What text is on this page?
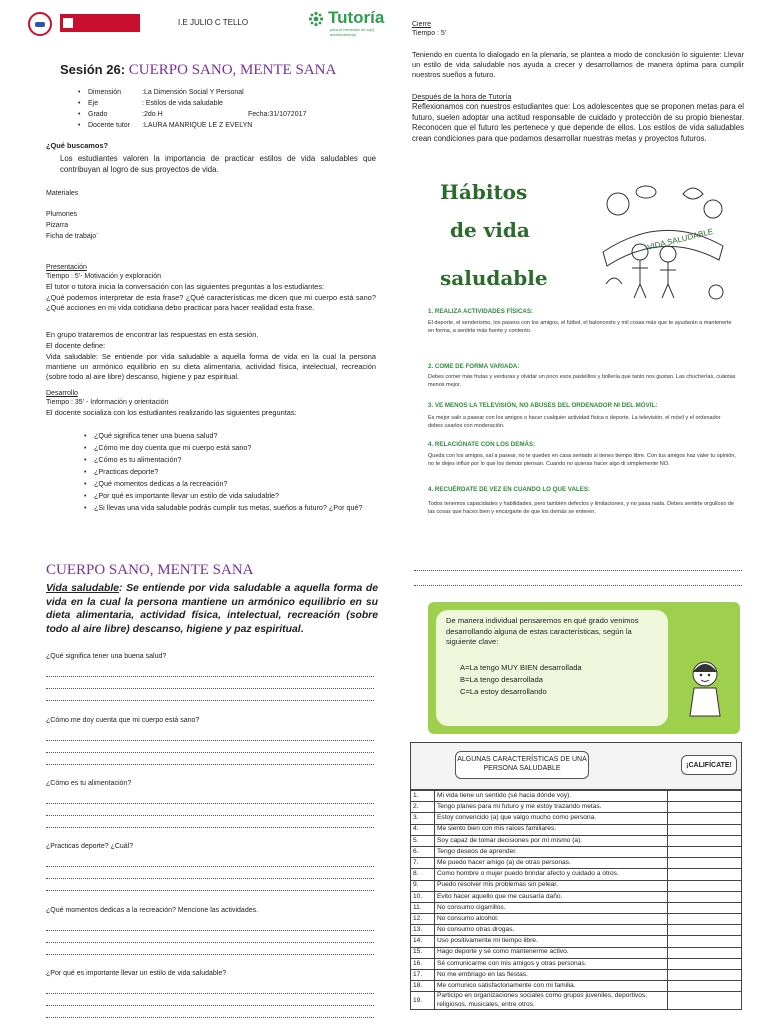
I.E JULIO C TELLO	Tutoría
para el bienestar de tu(s) adolescente(s)
Sesión 26: CUERPO SANO, MENTE SANA
• Dimensión	:La Dimensión Social Y Personal
• Eje	: Estilos de vida saludable
• Grado	:2do H	Fecha:31/1072017
• Docente tutor :LAURA MANRIQUE LE Z EVELYN
¿Qué buscamos?
Los estudiantes valoren la importancia de practicar estilos de vida saludables que contribuyan al logro de sus proyectos de vida.
Materiales
Plumones
Pizarra
Ficha de trabajo¨
Presentación
Tiempo : 5'- Motivación y exploración
El tutor o tutora inicia la conversación con las siguientes preguntas a los estudiantes:
¿Qué podemos interpretar de esta frase? ¿Qué características me dicen que mi cuerpo está sano? ¿Qué acciones en mi vida cotidiana debo practicar para hacer realidad esta frase.
En grupo trataremos de encontrar las respuestas en esta sesión.
El docente define:
Vida saludable: Se entiende por vida saludable a aquella forma de vida en la cual la persona mantiene un armónico equilibrio en su dieta alimentaria, actividad física, intelectual, recreación (sobre todo al aire libre) descanso, higiene y paz espiritual.
Desarrollo
Tiempo : 35' - Información y orientación
El docente socializa con los estudiantes realizando las siguientes preguntas:
• ¿Qué significa tener una buena salud?
• ¿Cómo me doy cuenta que mi cuerpo está sano?
• ¿Cómo es tu alimentación?
• ¿Practicas deporte?
• ¿Qué momentos dedicas a la recreación?
• ¿Por qué es importante llevar un estilo de vida saludable?
• ¿Si llevas una vida saludable podrás cumplir tus metas, sueños a futuro? ¿Por qué?
Cierre
Tiempo : 5'
Teniendo en cuenta lo dialogado en la plenaria, se plantea a modo de conclusión lo siguiente: Llevar un estilo de vida saludable nos ayuda a crecer y desarrollarnos de manera óptima para cumplir nuestros sueños a futuro.
Después de la hora de Tutoría
Reflexionamos con nuestros estudiantes que: Los adolescentes que se proponen metas para el futuro, suelen adoptar una actitud responsable de cuidado y protección de su propio bienestar. Reconocen que el futuro les pertenece y que depende de ellos. Los estilos de vida saludables crean condiciones para que podamos desarrollar nuestras metas y proyectos futuros.
Hábitos
de vida
saludable
VIDA SALUDABLE
1. REALIZA ACTIVIDADES FÍSICAS:
El deporte, el senderismo, los paseos con los amigos, el fútbol, el baloncesto y mil cosas más que te ayudarán a mantenerte en forma, a sentirte más fuerte y contento.
2. COME DE FORMA VARIADA:
Debes comer más frutas y verduras y olvidar un poco esos pastelitos y bollería que tanto nos gustan. Las chucherías, cuántas menos mejor.
3. VE MENOS LA TELEVISIÓN, NO ABUSES DEL ORDENADOR NI DEL MÓVIL:
Es mejor salir a pasear con los amigos o hacer cualquier actividad física o deporte. La televisión, el móvil y el ordenador debes usarlos con moderación.
4. RELACIÓNATE CON LOS DEMÁS:
Queda con los amigos, sal a pasear, no te quedes en casa sentado si tienes tiempo libre. Con tus amigos haz valer tu opinión, no te dejes influir por lo que los demás piensan. Cuando no quieras hacer algo di simplemente NO.
4. RECUÉRDATE DE VEZ EN CUANDO LO QUE VALES:
Todos tenemos capacidades y habilidades, pero también defectos y limitaciones, y no pasa nada. Debes sentirte orgulloso de las cosas que haces bien y encargarte de que los demás se enteren.
CUERPO SANO, MENTE SANA
Vida saludable: Se entiende por vida saludable a aquella forma de vida en la cual la persona mantiene un armónico equilibrio en su dieta alimentaria, actividad física, intelectual, recreación (sobre todo al aire libre) descanso, higiene y paz espiritual.
¿Qué significa tener una buena salud?
¿Cómo me doy cuenta que mi cuerpo está sano?
¿Cómo es tu alimentación?
¿Practicas deporte? ¿Cuál?
¿Qué momentos dedicas a la recreación? Mencione las actividades.
¿Por qué es importante llevar un estilo de vida saludable?
De manera individual pensaremos en qué grado venimos desarrollando alguna de estas características, según la siguiente clave:
A=La tengo MUY BIEN desarrollada
B=La tengo desarrollada
C=La estoy desarrollando
ALGUNAS CARACTERÍSTICAS DE UNA PERSONA SALUDABLE	¡CALIFÍCATE!
1.	Mi vida tiene un sentido (sé hacia dónde voy).	
2.	Tengo planes para mi futuro y me estoy trazando metas.	
3.	Estoy convencido (a) que valgo mucho como persona.	
4.	Me siento bien con mis raíces familiares.	
5.	Soy capaz de tomar decisiones por mí mismo (a).	
6.	Tengo deseos de aprender.	
7.	Me puedo hacer amigo (a) de otras personas.	
8.	Como hombre o mujer puedo brindar afecto y cuidado a otros.	
9.	Puedo resolver mis problemas sin pelear.	
10.	Evito hacer aquello que me causaría daño.	
11.	No consumo cigarrillos.	
12.	No consumo alcohol.	
13.	No consumo otras drogas.	
14.	Uso positivamente mi tiempo libre.	
15.	Hago deporte y sé como mantenerme activo.	
16.	Sé comunicarme con mis amigos y otras personas.	
17.	No me embriago en las fiestas.	
18.	Me comunico satisfactoriamente con mi familia.	
19.	Participo en organizaciones sociales como grupos juveniles, deportivos, religiosos, musicales, entre otros.	
